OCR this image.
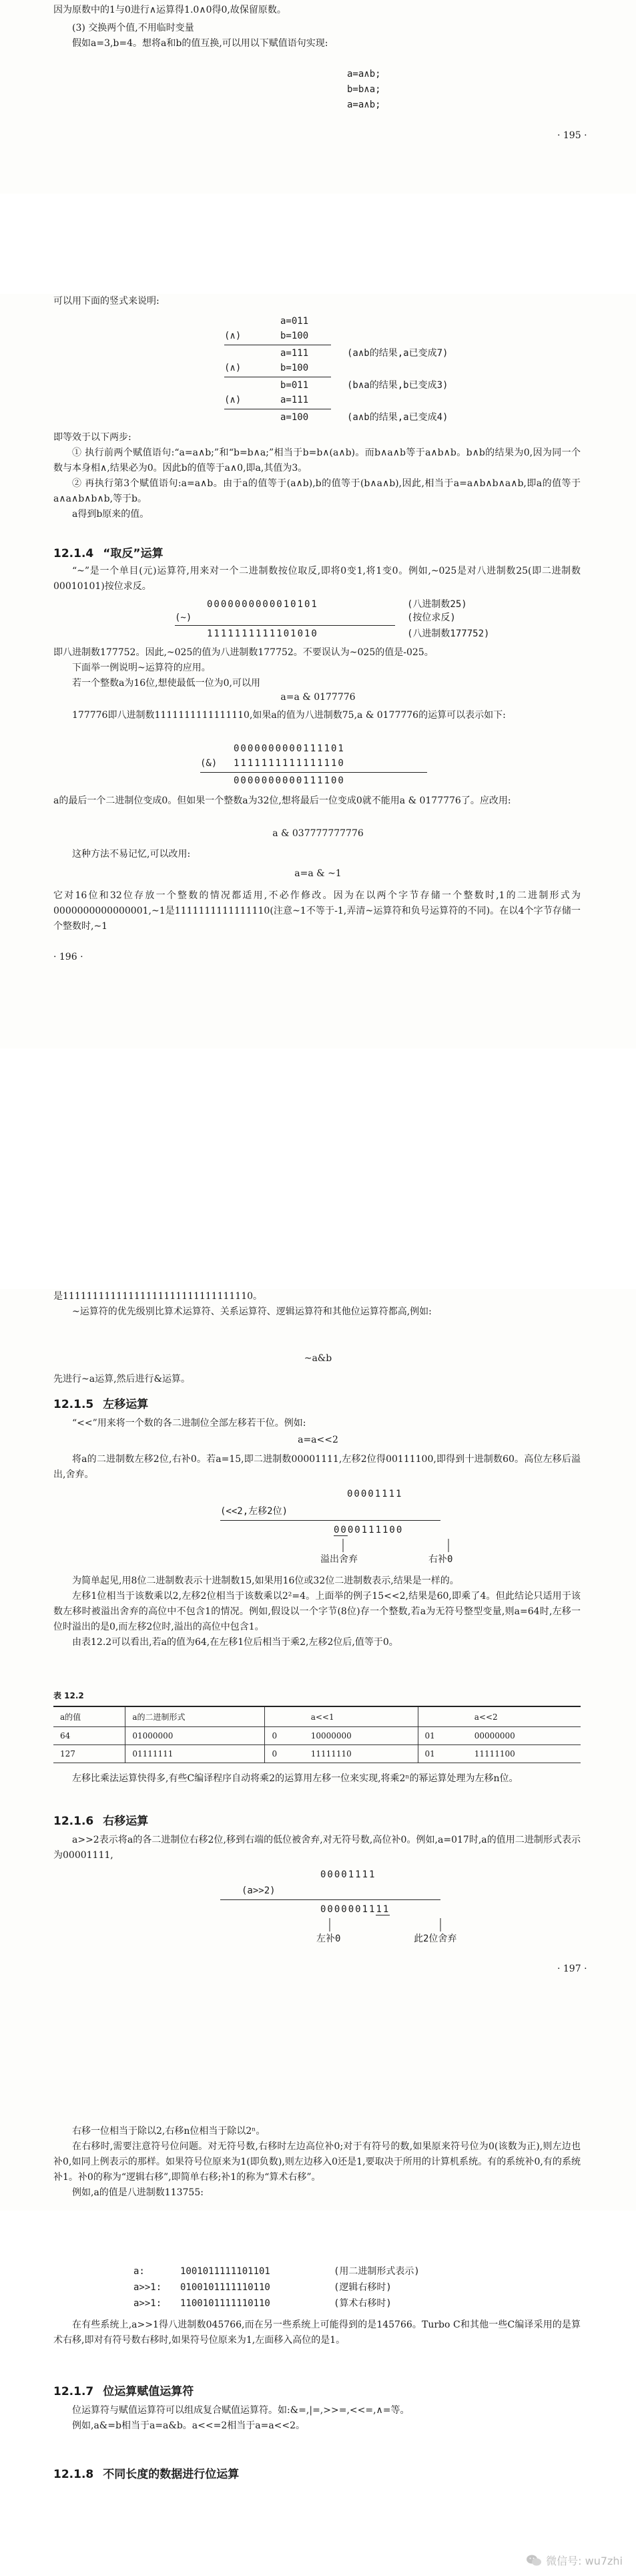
因为原数中的1与0进行∧运算得1.0∧0得0,故保留原数。

(3) 交换两个值,不用临时变量

假如a=3,b=4。想将a和b的值互换,可以用以下赋值语句实现:

a=a∧b;
b=b∧a;
a=a∧b;
· 195 ·

可以用下面的竖式来说明:

a=011
(∧)	b=100
a=111	(a∧b的结果,a已变成7)
(∧)	b=100
b=011	(b∧a的结果,b已变成3)
(∧)	a=111
a=100	(a∧b的结果,a已变成4)

即等效于以下两步:

① 执行前两个赋值语句:“a=a∧b;”和“b=b∧a;”相当于b=b∧(a∧b)。而b∧a∧b等于a∧b∧b。b∧b的结果为0,因为同一个数与本身相∧,结果必为0。因此b的值等于a∧0,即a,其值为3。

② 再执行第3个赋值语句:a=a∧b。由于a的值等于(a∧b),b的值等于(b∧a∧b),因此,相当于a=a∧b∧b∧a∧b,即a的值等于a∧a∧b∧b∧b,等于b。

a得到b原来的值。

12.1.4 “取反”运算

“~”是一个单目(元)运算符,用来对一个二进制数按位取反,即将0变1,将1变0。例如,~025是对八进制数25(即二进制数00010101)按位求反。

0000000000010101	(八进制数25)
(~)	(按位求反)
1111111111101010	(八进制数177752)

即八进制数177752。因此,~025的值为八进制数177752。不要误认为~025的值是-025。

下面举一例说明~运算符的应用。

若一个整数a为16位,想使最低一位为0,可以用

a=a & 0177776

177776即八进制数1111111111111110,如果a的值为八进制数75,a & 0177776的运算可以表示如下:

0000000000111101
(&) 1111111111111110
0000000000111100

a的最后一个二进制位变成0。但如果一个整数a为32位,想将最后一位变成0就不能用a & 0177776了。应改用:

a & 037777777776

这种方法不易记忆,可以改用:

a=a & ~1

它对16位和32位存放一个整数的情况都适用,不必作修改。因为在以两个字节存储一个整数时,1的二进制形式为0000000000000001,~1是1111111111111110(注意~1不等于-1,弄清~运算符和负号运算符的不同)。在以4个字节存储一个整数时,~1

· 196 ·

是11111111111111111111111111111110。

~运算符的优先级别比算术运算符、关系运算符、逻辑运算符和其他位运算符都高,例如:

~a&b

先进行~a运算,然后进行&运算。

12.1.5 左移运算

“<<”用来将一个数的各二进制位全部左移若干位。例如:

a=a<<2

将a的二进制数左移2位,右补0。若a=15,即二进制数00001111,左移2位得00111100,即得到十进制数60。高位左移后溢出,舍弃。

00001111
(<<2,左移2位)
0000111100
溢出舍弃	右补0

为简单起见,用8位二进制数表示十进制数15,如果用16位或32位二进制数表示,结果是一样的。

左移1位相当于该数乘以2,左移2位相当于该数乘以2²=4。上面举的例子15<<2,结果是60,即乘了4。但此结论只适用于该数左移时被溢出舍弃的高位中不包含1的情况。例如,假设以一个字节(8位)存一个整数,若a为无符号整型变量,则a=64时,左移一位时溢出的是0,而左移2位时,溢出的高位中包含1。

由表12.2可以看出,若a的值为64,在左移1位后相当于乘2,左移2位后,值等于0。

表 12.2
a的值	a的二进制形式		a<<1		a<<2
64	01000000	0	10000000	01	00000000
127	01111111	0	11111110	01	11111100

左移比乘法运算快得多,有些C编译程序自动将乘2的运算用左移一位来实现,将乘2ⁿ的幂运算处理为左移n位。

12.1.6 右移运算

a>>2表示将a的各二进制位右移2位,移到右端的低位被舍弃,对无符号数,高位补0。例如,a=017时,a的值用二进制形式表示为00001111,

00001111
(a>>2)
0000001111
左补0	此2位舍弃
· 197 ·

右移一位相当于除以2,右移n位相当于除以2ⁿ。

在右移时,需要注意符号位问题。对无符号数,右移时左边高位补0;对于有符号的数,如果原来符号位为0(该数为正),则左边也补0,如同上例表示的那样。如果符号位原来为1(即负数),则左边移入0还是1,要取决于所用的计算机系统。有的系统补0,有的系统补1。补0的称为“逻辑右移”,即简单右移;补1的称为“算术右移”。

例如,a的值是八进制数113755:

a:	1001011111101101	(用二进制形式表示)
a>>1: 0100101111110110	(逻辑右移时)
a>>1: 1100101111110110	(算术右移时)

在有些系统上,a>>1得八进制数045766,而在另一些系统上可能得到的是145766。Turbo C和其他一些C编译采用的是算术右移,即对有符号数右移时,如果符号位原来为1,左面移入高位的是1。

12.1.7 位运算赋值运算符

位运算符与赋值运算符可以组成复合赋值运算符。如:&=,|=,>>=,<<=,∧=等。

例如,a&=b相当于a=a&b。a<<=2相当于a=a<<2。

12.1.8 不同长度的数据进行位运算
微信号: wu7zhi
